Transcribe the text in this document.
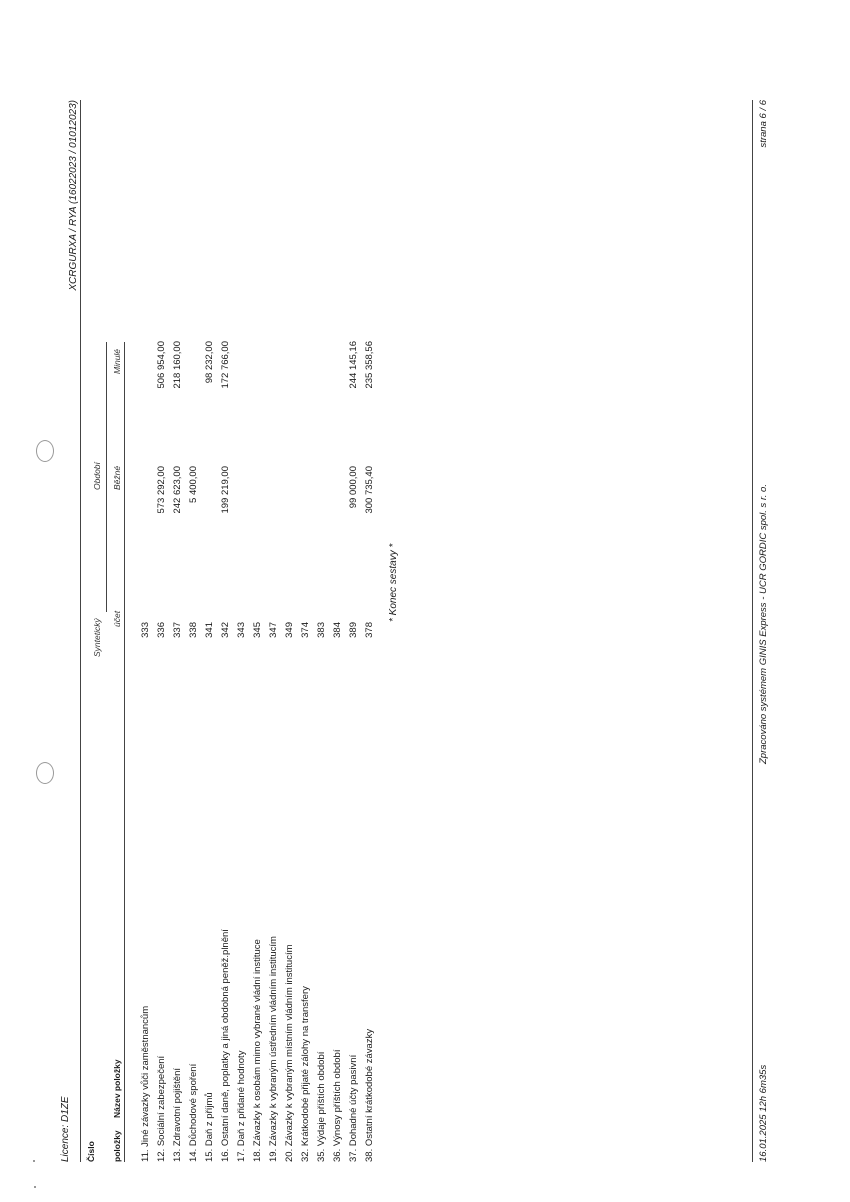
Licence: D1ZE
XCRGURXA / RYA (16022023 / 01012023)
Číslo položky
Název položky
Syntetický účet
Období Běžné
Minulé
11. Jiné závazky vůči zaměstnancům
333
12. Sociální zabezpečení
336
573 292,00
506 954,00
13. Zdravotní pojištění
337
242 623,00
218 160,00
14. Důchodové spoření
338
5 400,00
15. Daň z příjmů
341
98 232,00
16. Ostatní daně, poplatky a jiná obdobná peněž.plnění
342
199 219,00
172 766,00
17. Daň z přidané hodnoty
343
18. Závazky k osobám mimo vybrané vládní instituce
345
19. Závazky k vybraným ústředním vládním institucím
347
20. Závazky k vybraným místním vládním institucím
349
32. Krátkodobé přijaté zálohy na transfery
374
35. Výdaje příštích období
383
36. Výnosy příštích období
384
37. Dohadné účty pasivní
389
99 000,00
244 145,16
38. Ostatní krátkodobé závazky
378
300 735,40
235 358,56
* Konec sestavy *
16.01.2025 12h 6m35s
Zpracováno systémem GINIS Express - UCR GORDIC spol. s r. o.
strana 6 / 6
